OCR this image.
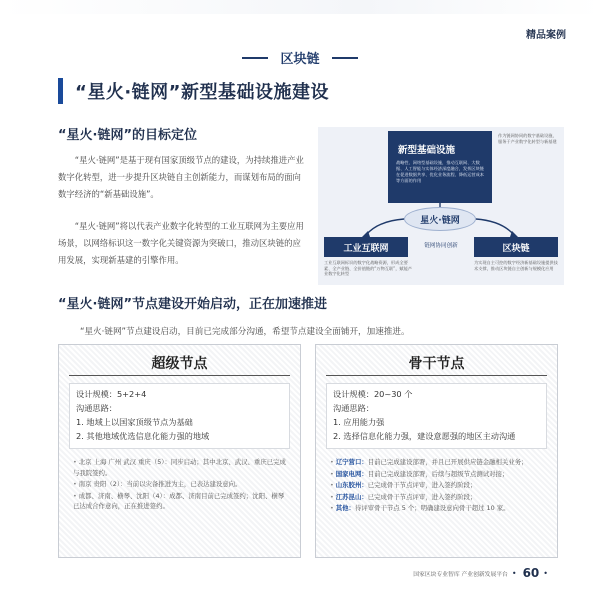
精品案例
区块链
“星火·链网”新型基础设施建设
“星火·链网”的目标定位

“星火·链网”是基于现有国家顶级节点的建设，为持续推进产业数字化转型，进一步提升区块链自主创新能力，而谋划布局的面向数字经济的“新基础设施”。

“星火·链网”将以代表产业数字化转型的工业互联网为主要应用场景，以网络标识这一数字化关键资源为突破口，推动区块链的应用发展，实现新基建的引擎作用。

新型基础设施
战略性、网络型基础设施，推动互联网、大数据、人工智能与实体经济深度融合，发挥区块链在促进数据共享、优化业务流程、降低运营成本等方面的作用
作为链网协同的数字基础设施，服务于产业数字化转型与新基建
星火·链网
工业互联网	链网协同创新	区块链
工业互联网标识的数字化战略资源，形成全要素、全产业链、全价值链的“万物互联”，赋能产业数字化转型
为实现自主可控的数字经济新基础设施提供技术支撑，推动区块链自主创新与规模化应用
“星火·链网”节点建设开始启动，正在加速推进
“星火·链网”节点建设启动，目前已完成部分沟通，希望节点建设全面铺开，加速推进。
超级节点
设计规模：5+2+4
沟通思路：
1. 地域上以国家顶级节点为基础
2. 其他地域优选信息化能力强的地域
• 北京 上海 广州 武汉 重庆（5）：同步启动；其中北京、武汉、重庆已完成与我院签约。
• 南京 贵阳（2）：当前以灾备推进为主，已表达建设意向。
• 成都、济南、横琴、沈阳（4）：成都、济南目前已完成签约；沈阳、横琴已达成合作意向，正在推进签约。
骨干节点
设计规模：20~30 个
沟通思路：
1. 应用能力强
2. 选择信息化能力强，建设意愿强的地区主动沟通
• 辽宁营口：目前已完成建设部署，并且已开展供应链金融相关业务；
• 国家电网：目前已完成建设部署，后续与超级节点测试对接；
• 山东胶州：已完成骨干节点评审，进入签约阶段；
• 江苏昆山：已完成骨干节点评审，进入签约阶段；
• 其他：待评审骨干节点 5 个；明确建设意向骨干超过 10 家。
国家区块专业智库 产业创新发展平台 • 60 •
